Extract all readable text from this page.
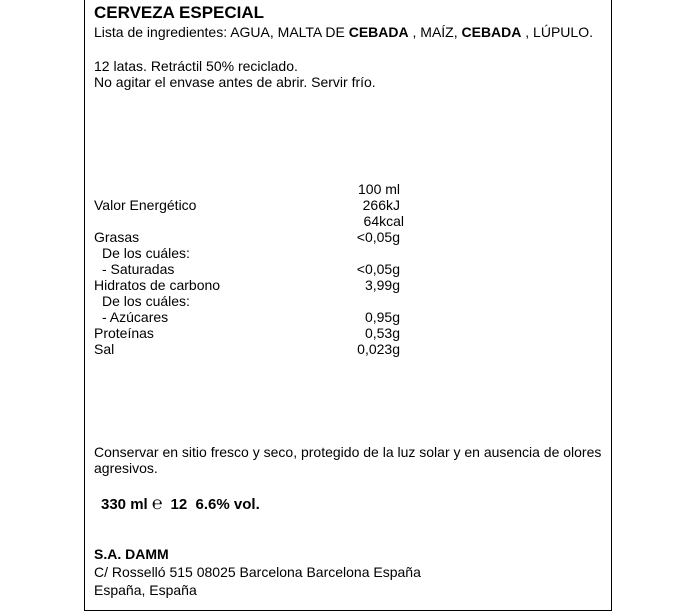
CERVEZA ESPECIAL
Lista de ingredientes: AGUA, MALTA DE CEBADA , MAÍZ, CEBADA , LÚPULO.
12 latas. Retráctil 50% reciclado.
No agitar el envase antes de abrir. Servir frío.
100 ml
Valor Energético	266kJ
64kcal
Grasas	<0,05g
De los cuáles:
- Saturadas	<0,05g
Hidratos de carbono	3,99g
De los cuáles:
- Azúcares	0,95g
Proteínas	0,53g
Sal	0,023g
Conservar en sitio fresco y seco, protegido de la luz solar y en ausencia de olores
agresivos.
330 ml ℮ 12 6.6% vol.
S.A. DAMM
C/ Rosselló 515 08025 Barcelona Barcelona España
España, España
